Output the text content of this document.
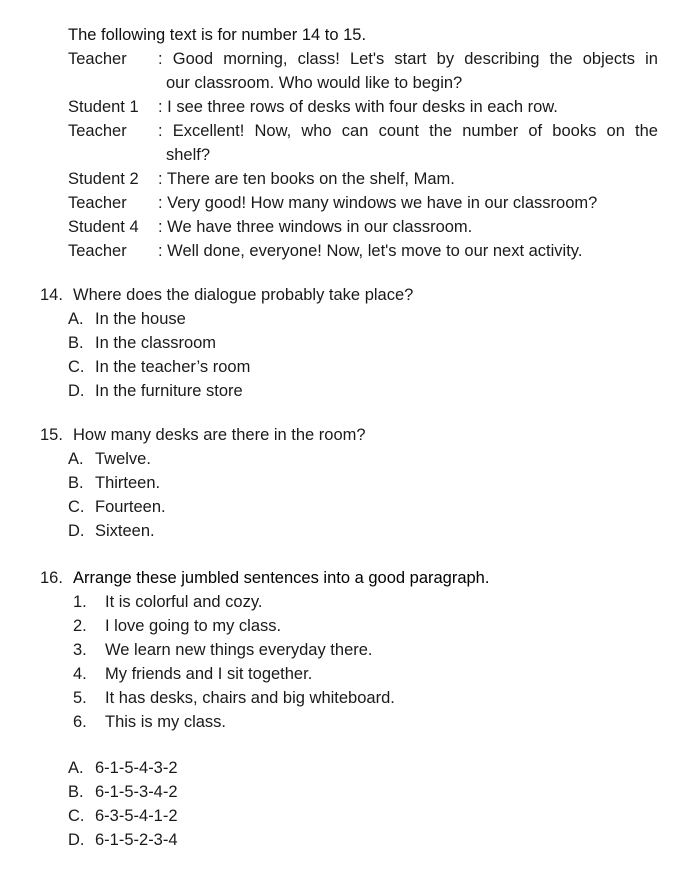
The following text is for number 14 to 15.
Teacher	: Good morning, class! Let's start by describing the objects in
our classroom. Who would like to begin?
Student 1	: I see three rows of desks with four desks in each row.
Teacher	: Excellent! Now, who can count the number of books on the
shelf?
Student 2	: There are ten books on the shelf, Mam.
Teacher	: Very good! How many windows we have in our classroom?
Student 4	: We have three windows in our classroom.
Teacher	: Well done, everyone! Now, let's move to our next activity.
14. Where does the dialogue probably take place?
A. In the house
B. In the classroom
C. In the teacher’s room
D. In the furniture store
15. How many desks are there in the room?
A. Twelve.
B. Thirteen.
C. Fourteen.
D. Sixteen.
16. Arrange these jumbled sentences into a good paragraph.
1.	It is colorful and cozy.
2.	I love going to my class.
3.	We learn new things everyday there.
4.	My friends and I sit together.
5.	It has desks, chairs and big whiteboard.
6.	This is my class.
A. 6-1-5-4-3-2
B. 6-1-5-3-4-2
C. 6-3-5-4-1-2
D. 6-1-5-2-3-4
